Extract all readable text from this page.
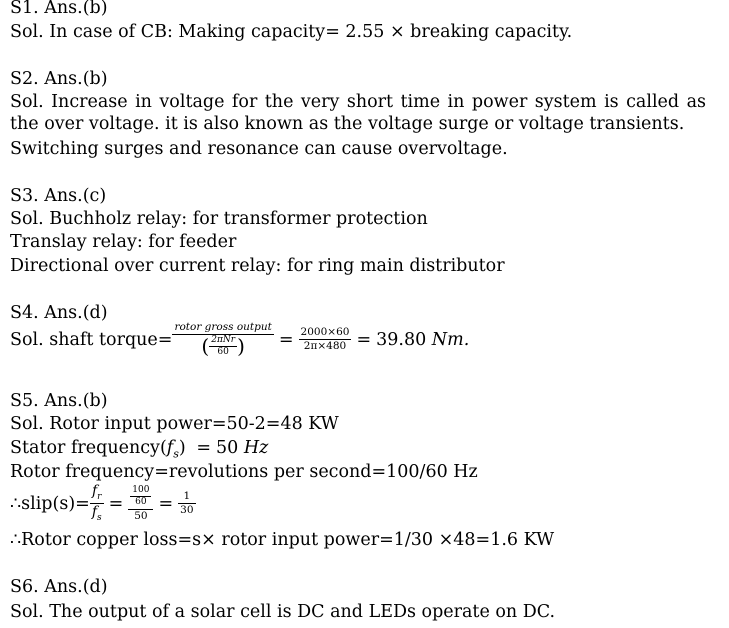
S1. Ans.(b)
Sol. In case of CB: Making capacity= 2.55 × breaking capacity.
S2. Ans.(b)
Sol. Increase in voltage for the very short time in power system is called as the over voltage. it is also known as the voltage surge or voltage transients.
Switching surges and resonance can cause overvoltage.
S3. Ans.(c)
Sol. Buchholz relay: for transformer protection
Translay relay: for feeder
Directional over current relay: for ring main distributor
S4. Ans.(d)
Sol. shaft torque=
rotor gross output
( $\frac{\text{2πNr}}{60}$ ) = $\frac{2000\times 60}{2\pi\times 480} = 39.80$
Nm.
S5. Ans.(b)
Sol. Rotor input power=50-2=48 KW
Stator $frequency(f_s) = 50$ Hz
Rotor frequency=revolutions per second=100/60 Hz
∴slip(s)= $\frac{f_r}{f_s} = \frac{\frac{100}{60}}{50} = \frac{1}{30}$
∴Rotor copper loss=s× rotor input power=1/30 ×48=1.6 KW
S6. Ans.(d)
Sol. The output of a solar cell is DC and LEDs operate on DC.
